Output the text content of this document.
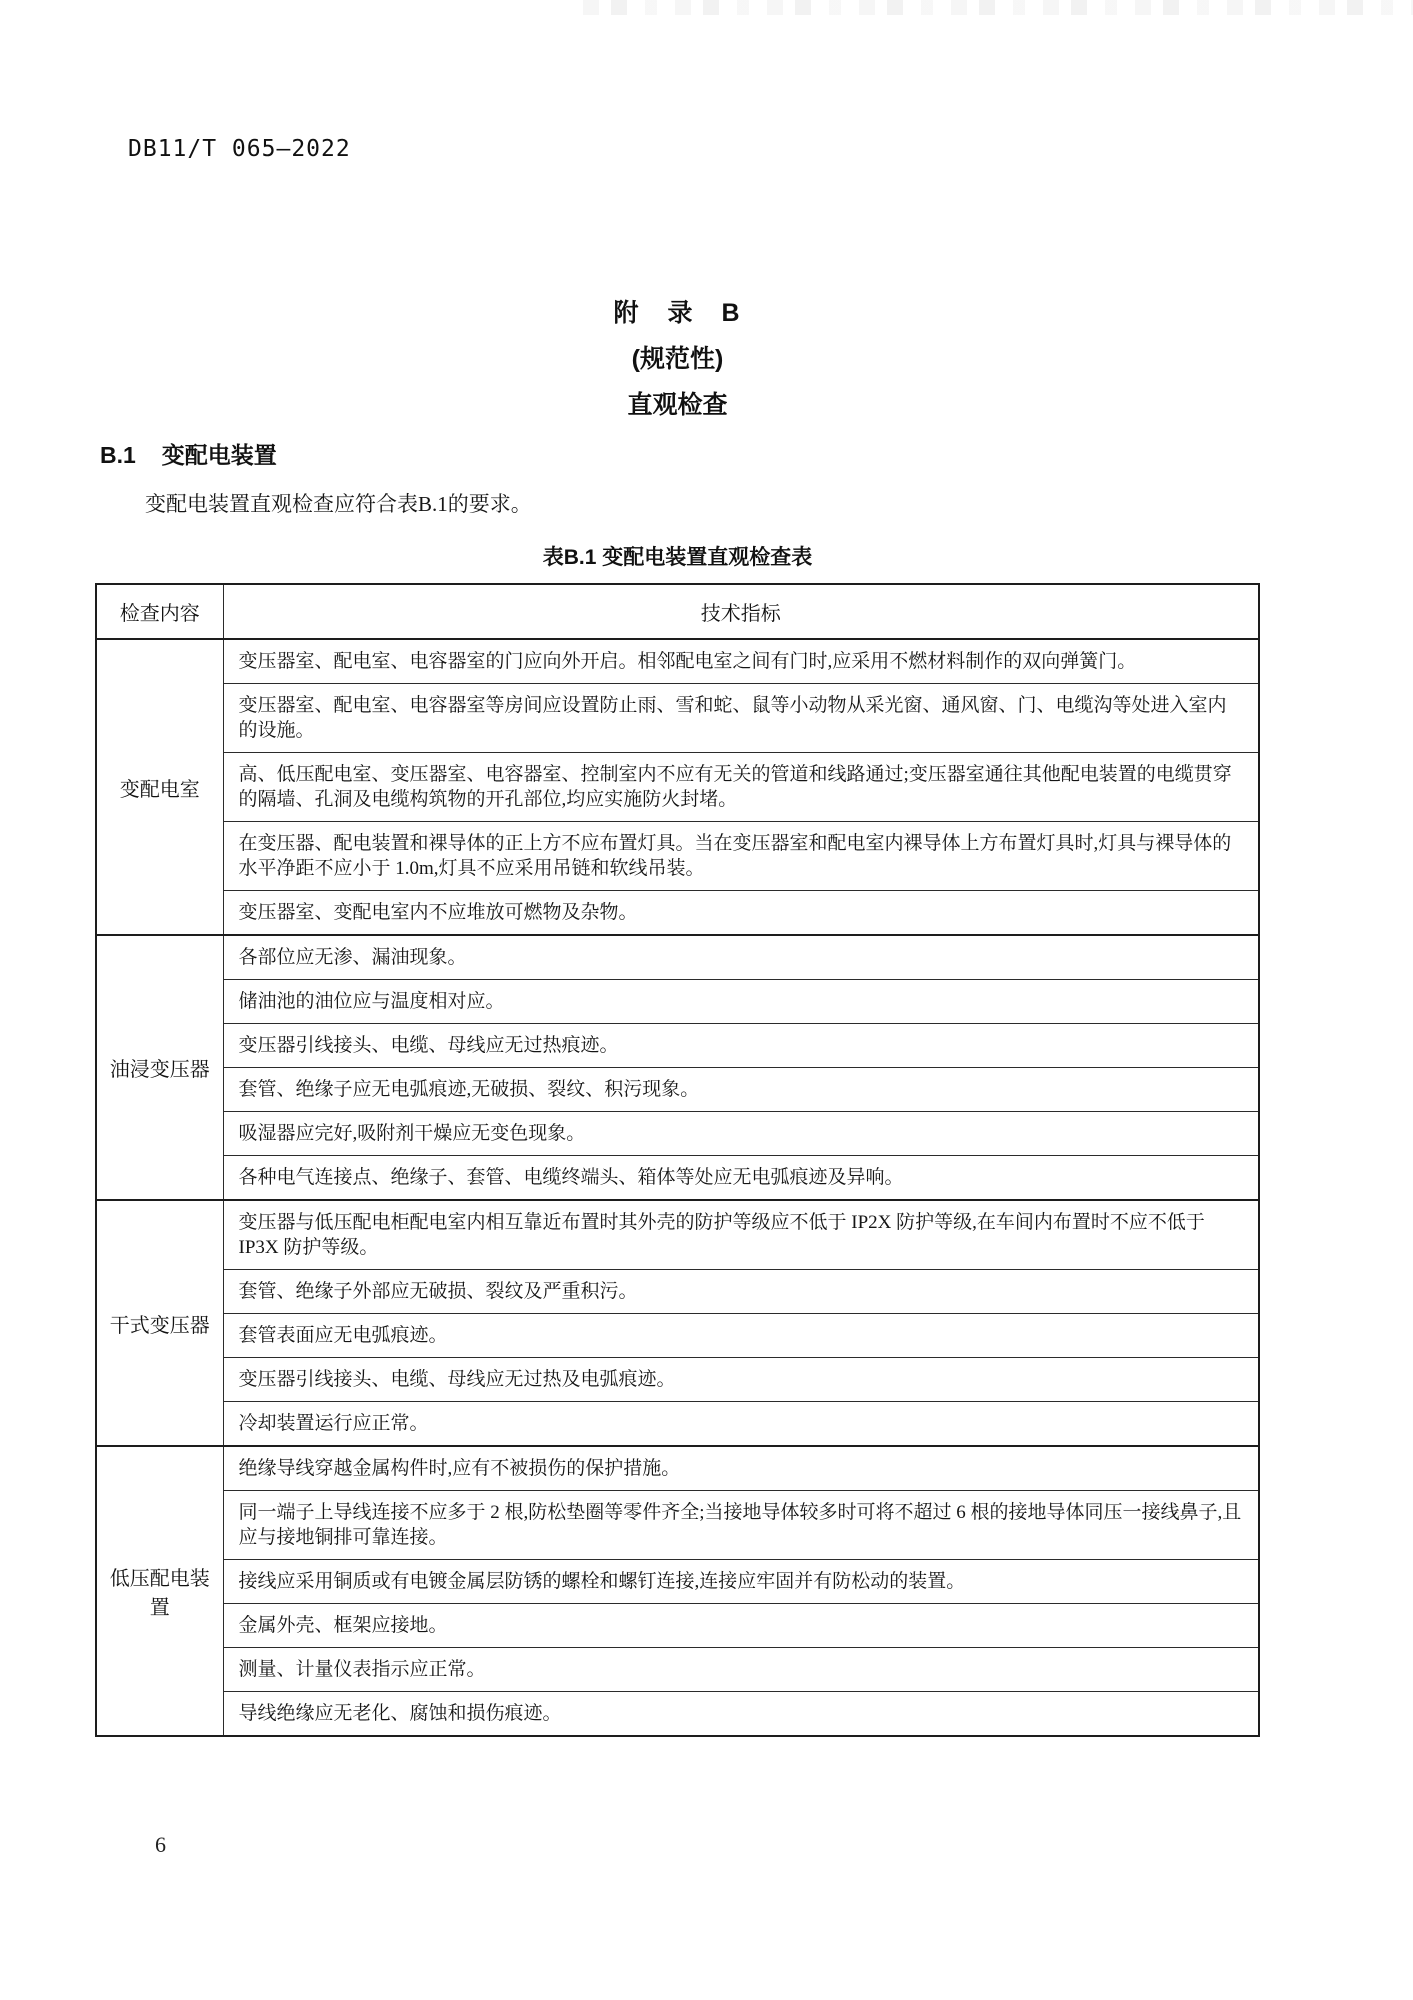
DB11/T 065—2022
附　录　B
(规范性)
直观检查
B.1 变配电装置
变配电装置直观检查应符合表B.1的要求。
表B.1 变配电装置直观检查表
检查内容	技术指标
变配电室	变压器室、配电室、电容器室的门应向外开启。相邻配电室之间有门时,应采用不燃材料制作的双向弹簧门。
	变压器室、配电室、电容器室等房间应设置防止雨、雪和蛇、鼠等小动物从采光窗、通风窗、门、电缆沟等处进入室内的设施。
	高、低压配电室、变压器室、电容器室、控制室内不应有无关的管道和线路通过;变压器室通往其他配电装置的电缆贯穿的隔墙、孔洞及电缆构筑物的开孔部位,均应实施防火封堵。
	在变压器、配电装置和裸导体的正上方不应布置灯具。当在变压器室和配电室内裸导体上方布置灯具时,灯具与裸导体的水平净距不应小于 1.0m,灯具不应采用吊链和软线吊装。
	变压器室、变配电室内不应堆放可燃物及杂物。
油浸变压器	各部位应无渗、漏油现象。
	储油池的油位应与温度相对应。
	变压器引线接头、电缆、母线应无过热痕迹。
	套管、绝缘子应无电弧痕迹,无破损、裂纹、积污现象。
	吸湿器应完好,吸附剂干燥应无变色现象。
	各种电气连接点、绝缘子、套管、电缆终端头、箱体等处应无电弧痕迹及异响。
干式变压器	变压器与低压配电柜配电室内相互靠近布置时其外壳的防护等级应不低于 IP2X 防护等级,在车间内布置时不应不低于 IP3X 防护等级。
	套管、绝缘子外部应无破损、裂纹及严重积污。
	套管表面应无电弧痕迹。
	变压器引线接头、电缆、母线应无过热及电弧痕迹。
	冷却装置运行应正常。
低压配电装置	绝缘导线穿越金属构件时,应有不被损伤的保护措施。
	同一端子上导线连接不应多于 2 根,防松垫圈等零件齐全;当接地导体较多时可将不超过 6 根的接地导体同压一接线鼻子,且应与接地铜排可靠连接。
	接线应采用铜质或有电镀金属层防锈的螺栓和螺钉连接,连接应牢固并有防松动的装置。
	金属外壳、框架应接地。
	测量、计量仪表指示应正常。
	导线绝缘应无老化、腐蚀和损伤痕迹。
6
